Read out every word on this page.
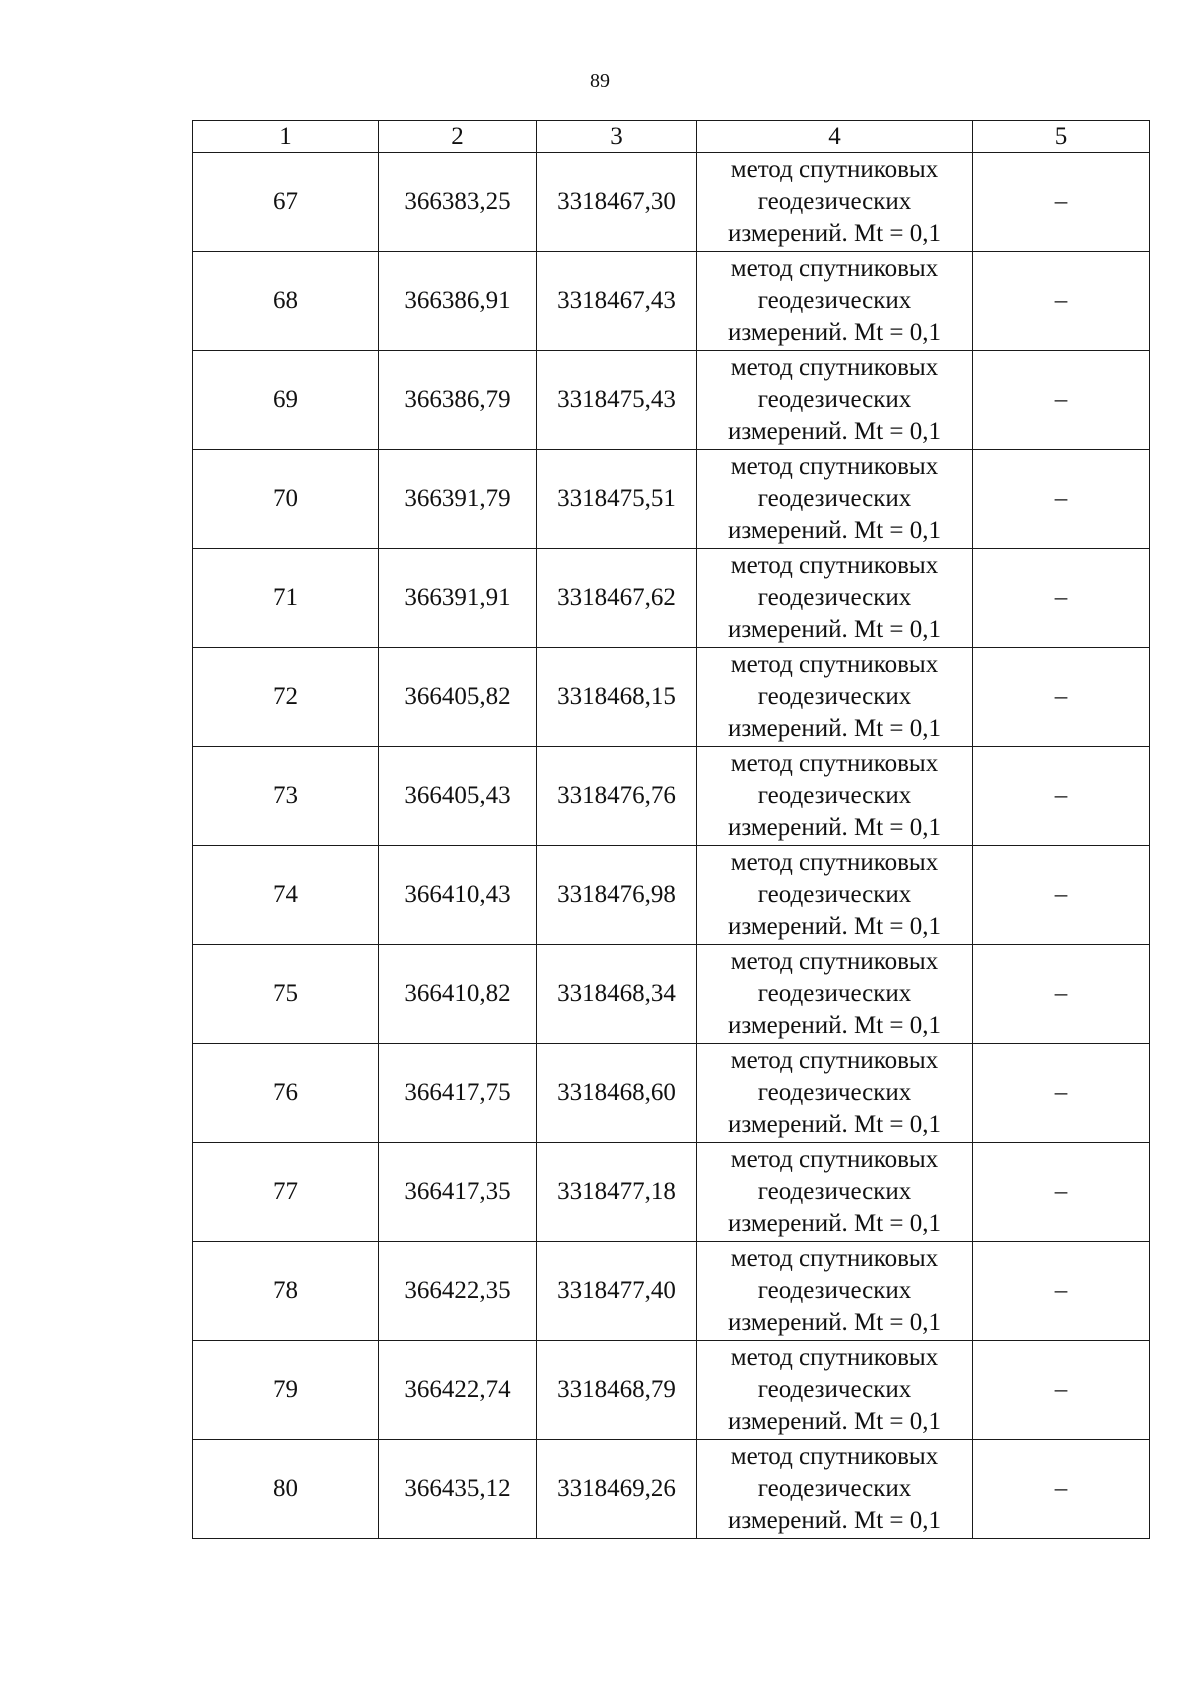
89
1	2	3	4	5
67	366383,25	3318467,30	метод спутниковых
геодезических
измерений. Mt = 0,1	–
68	366386,91	3318467,43	метод спутниковых
геодезических
измерений. Mt = 0,1	–
69	366386,79	3318475,43	метод спутниковых
геодезических
измерений. Mt = 0,1	–
70	366391,79	3318475,51	метод спутниковых
геодезических
измерений. Mt = 0,1	–
71	366391,91	3318467,62	метод спутниковых
геодезических
измерений. Mt = 0,1	–
72	366405,82	3318468,15	метод спутниковых
геодезических
измерений. Mt = 0,1	–
73	366405,43	3318476,76	метод спутниковых
геодезических
измерений. Mt = 0,1	–
74	366410,43	3318476,98	метод спутниковых
геодезических
измерений. Mt = 0,1	–
75	366410,82	3318468,34	метод спутниковых
геодезических
измерений. Mt = 0,1	–
76	366417,75	3318468,60	метод спутниковых
геодезических
измерений. Mt = 0,1	–
77	366417,35	3318477,18	метод спутниковых
геодезических
измерений. Mt = 0,1	–
78	366422,35	3318477,40	метод спутниковых
геодезических
измерений. Mt = 0,1	–
79	366422,74	3318468,79	метод спутниковых
геодезических
измерений. Mt = 0,1	–
80	366435,12	3318469,26	метод спутниковых
геодезических
измерений. Mt = 0,1	–
